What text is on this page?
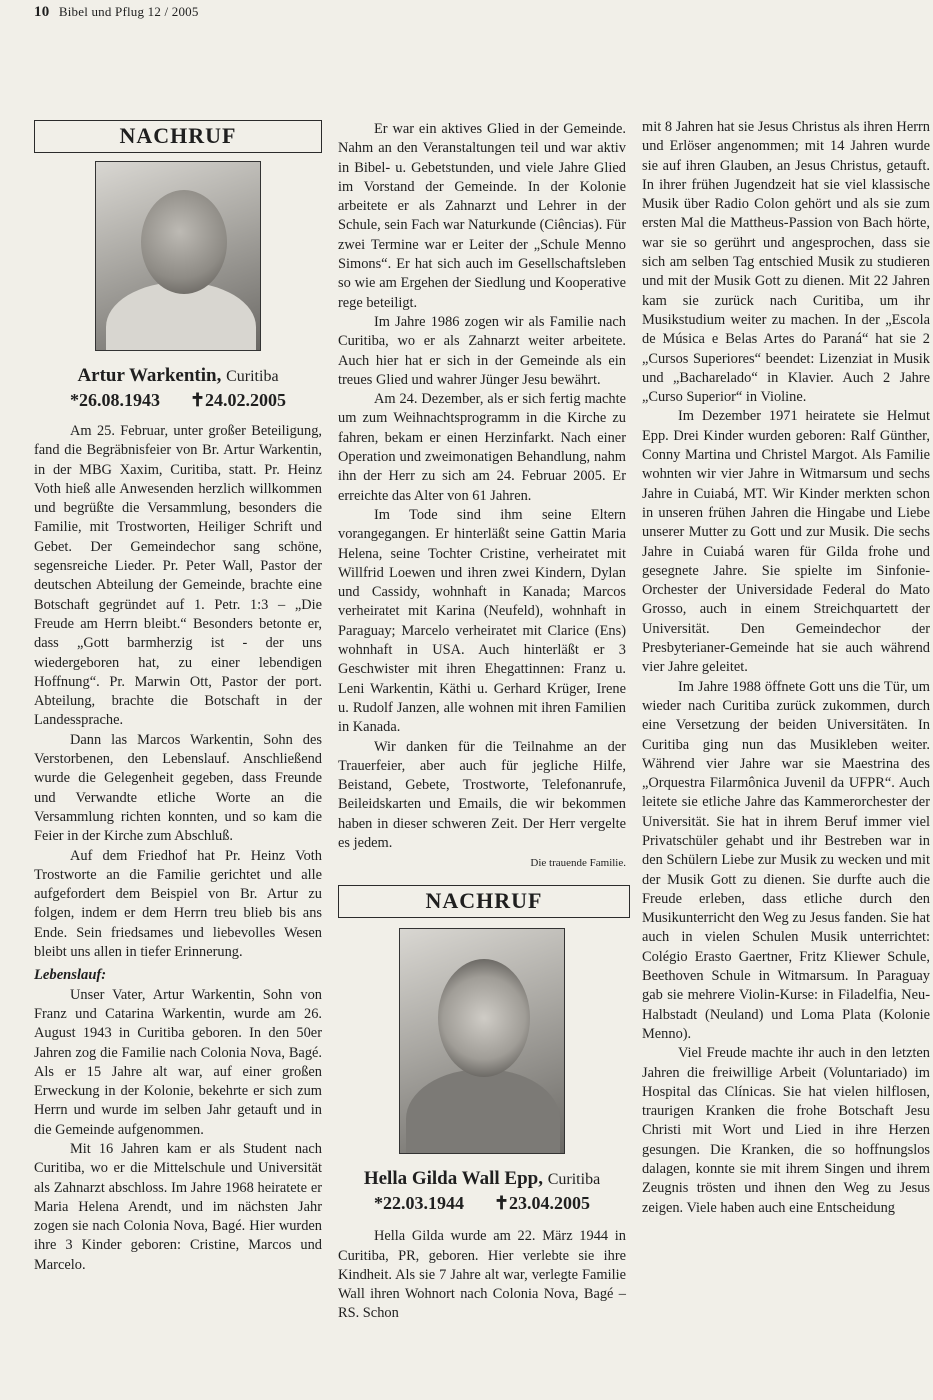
10 Bibel und Pflug 12 / 2005
NACHRUF
Artur Warkentin, Curitiba
*26.08.1943 ✝24.02.2005

Am 25. Februar, unter großer Beteiligung, fand die Begräbnisfeier von Br. Artur Warkentin, in der MBG Xaxim, Curitiba, statt. Pr. Heinz Voth hieß alle Anwesenden herzlich willkommen und begrüßte die Versammlung, besonders die Familie, mit Trostworten, Heiliger Schrift und Gebet. Der Gemeindechor sang schöne, segensreiche Lieder. Pr. Peter Wall, Pastor der deutschen Abteilung der Gemeinde, brachte eine Botschaft gegründet auf 1. Petr. 1:3 – „Die Freude am Herrn bleibt.“ Besonders betonte er, dass „Gott barmherzig ist - der uns wiedergeboren hat, zu einer lebendigen Hoffnung“. Pr. Marwin Ott, Pastor der port. Abteilung, brachte die Botschaft in der Landessprache.

Dann las Marcos Warkentin, Sohn des Verstorbenen, den Lebenslauf. Anschließend wurde die Gelegenheit gegeben, dass Freunde und Verwandte etliche Worte an die Versammlung richten konnten, und so kam die Feier in der Kirche zum Abschluß.

Auf dem Friedhof hat Pr. Heinz Voth Trostworte an die Familie gerichtet und alle aufgefordert dem Beispiel von Br. Artur zu folgen, indem er dem Herrn treu blieb bis ans Ende. Sein friedsames und liebevolles Wesen bleibt uns allen in tiefer Erinnerung.

Lebenslauf:

Unser Vater, Artur Warkentin, Sohn von Franz und Catarina Warkentin, wurde am 26. August 1943 in Curitiba geboren. In den 50er Jahren zog die Familie nach Colonia Nova, Bagé. Als er 15 Jahre alt war, auf einer großen Erweckung in der Kolonie, bekehrte er sich zum Herrn und wurde im selben Jahr getauft und in die Gemeinde aufgenommen.

Mit 16 Jahren kam er als Student nach Curitiba, wo er die Mittelschule und Universität als Zahnarzt abschloss. Im Jahre 1968 heiratete er Maria Helena Arendt, und im nächsten Jahr zogen sie nach Colonia Nova, Bagé. Hier wurden ihre 3 Kinder geboren: Cristine, Marcos und Marcelo.

Er war ein aktives Glied in der Gemeinde. Nahm an den Veranstaltungen teil und war aktiv in Bibel- u. Gebetstunden, und viele Jahre Glied im Vorstand der Gemeinde. In der Kolonie arbeitete er als Zahnarzt und Lehrer in der Schule, sein Fach war Naturkunde (Ciências). Für zwei Termine war er Leiter der „Schule Menno Simons“. Er hat sich auch im Gesellschaftsleben so wie am Ergehen der Siedlung und Kooperative rege beteiligt.

Im Jahre 1986 zogen wir als Familie nach Curitiba, wo er als Zahnarzt weiter arbeitete. Auch hier hat er sich in der Gemeinde als ein treues Glied und wahrer Jünger Jesu bewährt.

Am 24. Dezember, als er sich fertig machte um zum Weihnachtsprogramm in die Kirche zu fahren, bekam er einen Herzinfarkt. Nach einer Operation und zweimonatigen Behandlung, nahm ihn der Herr zu sich am 24. Februar 2005. Er erreichte das Alter von 61 Jahren.

Im Tode sind ihm seine Eltern vorangegangen. Er hinterläßt seine Gattin Maria Helena, seine Tochter Cristine, verheiratet mit Willfrid Loewen und ihren zwei Kindern, Dylan und Cassidy, wohnhaft in Kanada; Marcos verheiratet mit Karina (Neufeld), wohnhaft in Paraguay; Marcelo verheiratet mit Clarice (Ens) wohnhaft in USA. Auch hinterläßt er 3 Geschwister mit ihren Ehegattinnen: Franz u. Leni Warkentin, Käthi u. Gerhard Krüger, Irene u. Rudolf Janzen, alle wohnen mit ihren Familien in Kanada.

Wir danken für die Teilnahme an der Trauerfeier, aber auch für jegliche Hilfe, Beistand, Gebete, Trostworte, Telefonanrufe, Beileidskarten und Emails, die wir bekommen haben in dieser schweren Zeit. Der Herr vergelte es jedem.

Die trauende Familie.
NACHRUF
Hella Gilda Wall Epp, Curitiba
*22.03.1944 ✝23.04.2005

Hella Gilda wurde am 22. März 1944 in Curitiba, PR, geboren. Hier verlebte sie ihre Kindheit. Als sie 7 Jahre alt war, verlegte Familie Wall ihren Wohnort nach Colonia Nova, Bagé – RS. Schon

mit 8 Jahren hat sie Jesus Christus als ihren Herrn und Erlöser angenommen; mit 14 Jahren wurde sie auf ihren Glauben, an Jesus Christus, getauft. In ihrer frühen Jugendzeit hat sie viel klassische Musik über Radio Colon gehört und als sie zum ersten Mal die Mattheus-Passion von Bach hörte, war sie so gerührt und angesprochen, dass sie sich am selben Tag entschied Musik zu studieren und mit der Musik Gott zu dienen. Mit 22 Jahren kam sie zurück nach Curitiba, um ihr Musikstudium weiter zu machen. In der „Escola de Música e Belas Artes do Paraná“ hat sie 2 „Cursos Superiores“ beendet: Lizenziat in Musik und „Bacharelado“ in Klavier. Auch 2 Jahre „Curso Superior“ in Violine.

Im Dezember 1971 heiratete sie Helmut Epp. Drei Kinder wurden geboren: Ralf Günther, Conny Martina und Christel Margot. Als Familie wohnten wir vier Jahre in Witmarsum und sechs Jahre in Cuiabá, MT. Wir Kinder merkten schon in unseren frühen Jahren die Hingabe und Liebe unserer Mutter zu Gott und zur Musik. Die sechs Jahre in Cuiabá waren für Gilda frohe und gesegnete Jahre. Sie spielte im Sinfonie-Orchester der Universidade Federal do Mato Grosso, auch in einem Streichquartett der Universität. Den Gemeindechor der Presbyterianer-Gemeinde hat sie auch während vier Jahre geleitet.

Im Jahre 1988 öffnete Gott uns die Tür, um wieder nach Curitiba zurück zukommen, durch eine Versetzung der beiden Universitäten. In Curitiba ging nun das Musikleben weiter. Während vier Jahre war sie Maestrina des „Orquestra Filarmônica Juvenil da UFPR“. Auch leitete sie etliche Jahre das Kammerorchester der Universität. Sie hat in ihrem Beruf immer viel Privatschüler gehabt und ihr Bestreben war in den Schülern Liebe zur Musik zu wecken und mit der Musik Gott zu dienen. Sie durfte auch die Freude erleben, dass etliche durch den Musikunterricht den Weg zu Jesus fanden. Sie hat auch in vielen Schulen Musik unterrichtet: Colégio Erasto Gaertner, Fritz Kliewer Schule, Beethoven Schule in Witmarsum. In Paraguay gab sie mehrere Violin-Kurse: in Filadelfia, Neu-Halbstadt (Neuland) und Loma Plata (Kolonie Menno).

Viel Freude machte ihr auch in den letzten Jahren die freiwillige Arbeit (Voluntariado) im Hospital das Clínicas. Sie hat vielen hilflosen, traurigen Kranken die frohe Botschaft Jesu Christi mit Wort und Lied in ihre Herzen gesungen. Die Kranken, die so hoffnungslos dalagen, konnte sie mit ihrem Singen und ihrem Zeugnis trösten und ihnen den Weg zu Jesus zeigen. Viele haben auch eine Entscheidung
